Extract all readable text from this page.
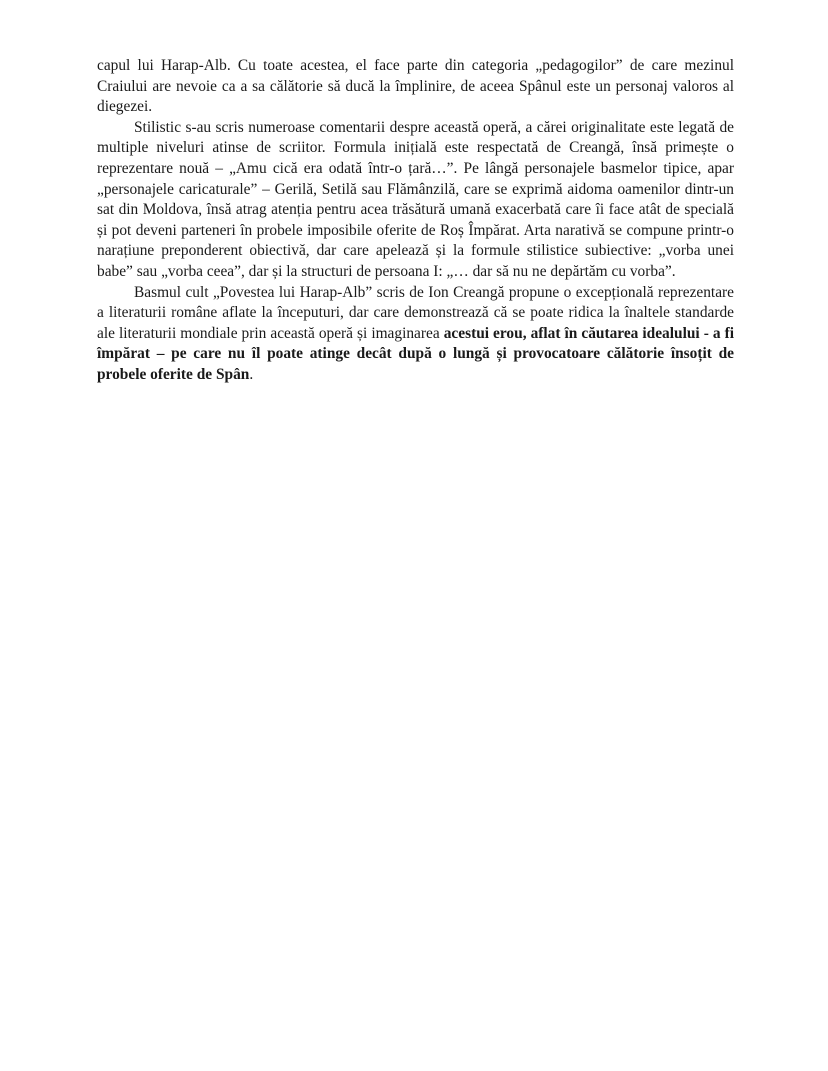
capul lui Harap-Alb. Cu toate acestea, el face parte din categoria „pedagogilor” de care mezinul Craiului are nevoie ca a sa călătorie să ducă la împlinire, de aceea Spânul este un personaj valoros al diegezei.

Stilistic s-au scris numeroase comentarii despre această operă, a cărei originalitate este legată de multiple niveluri atinse de scriitor. Formula inițială este respectată de Creangă, însă primește o reprezentare nouă – „Amu cică era odată într-o țară…”. Pe lângă personajele basmelor tipice, apar „personajele caricaturale” – Gerilă, Setilă sau Flămânzilă, care se exprimă aidoma oamenilor dintr-un sat din Moldova, însă atrag atenția pentru acea trăsătură umană exacerbată care îi face atât de specială și pot deveni parteneri în probele imposibile oferite de Roș Împărat. Arta narativă se compune printr-o narațiune preponderent obiectivă, dar care apelează și la formule stilistice subiective: „vorba unei babe” sau „vorba ceea”, dar și la structuri de persoana I: „… dar să nu ne depărtăm cu vorba”.

Basmul cult „Povestea lui Harap-Alb” scris de Ion Creangă propune o excepțională reprezentare a literaturii române aflate la începuturi, dar care demonstrează că se poate ridica la înaltele standarde ale literaturii mondiale prin această operă și imaginarea acestui erou, aflat în căutarea idealului - a fi împărat – pe care nu îl poate atinge decât după o lungă și provocatoare călătorie însoțit de probele oferite de Spân.
